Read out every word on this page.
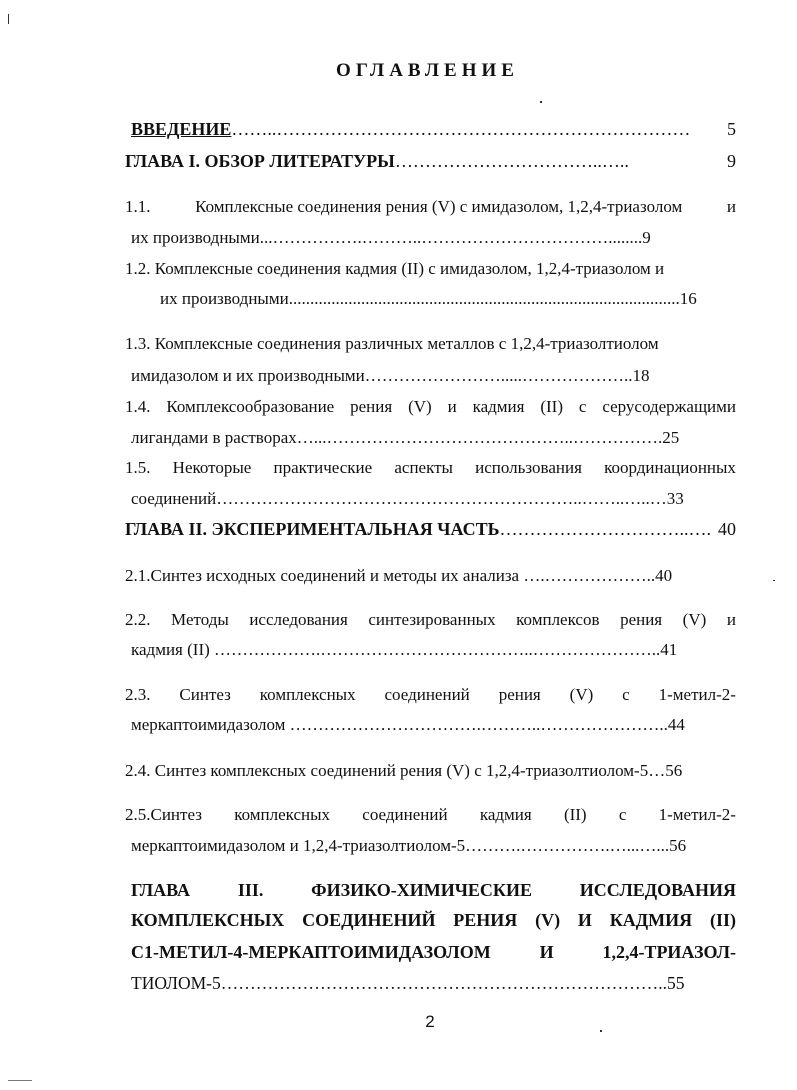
ОГЛАВЛЕНИЕ
ВВЕДЕНИЕ……..…………………………………………………………… 5
ГЛАВА I. ОБЗОР ЛИТЕРАТУРЫ……………………………..…..	9
1.1.	Комплексные соединения рения (V) с имидазолом, 1,2,4-триазолом	и
их производными...…………….………..……………………………........9
1.2. Комплексные соединения кадмия (II) с имидазолом, 1,2,4-триазолом и
их производными............................................................................................16
1.3. Комплексные соединения различных металлов с 1,2,4-триазолтиолом
имидазолом и их производными…………………….....………………..18
1.4. Комплексообразование рения (V) и кадмия (II) с серусодержащими
лигандами в растворах…...……………………………………..…………….25
1.5. Некоторые практические аспекты использования координационных
соединений………………………………………………………..……..…..…33
ГЛАВА II. ЭКСПЕРИМЕНТАЛЬНАЯ ЧАСТЬ…………………………..…. 40
2.1.Синтез исходных соединений и методы их анализа ….………………..40
2.2. Методы исследования синтезированных комплексов рения (V) и
кадмия (II) ……………….………………………………..…………………..41
2.3. Синтез комплексных соединений рения (V) с 1-метил-2-
меркаптоимидазолом …………………………….………..…………………..44
2.4. Синтез комплексных соединений рения (V) с 1,2,4-триазолтиолом-5…56
2.5.Синтез комплексных соединений кадмия (II) с 1-метил-2-
меркаптоимидазолом и 1,2,4-триазолтиолом-5……….…………….…...…...56
ГЛАВА	III.	ФИЗИКО-ХИМИЧЕСКИЕ	ИССЛЕДОВАНИЯ
КОМПЛЕКСНЫХ СОЕДИНЕНИЙ РЕНИЯ (V) И КАДМИЯ (II)
С1-МЕТИЛ-4-МЕРКАПТОИМИДАЗОЛОМ	И	1,2,4-ТРИАЗОЛ-
ТИОЛОМ-5…………………………………………………………………..55
2
